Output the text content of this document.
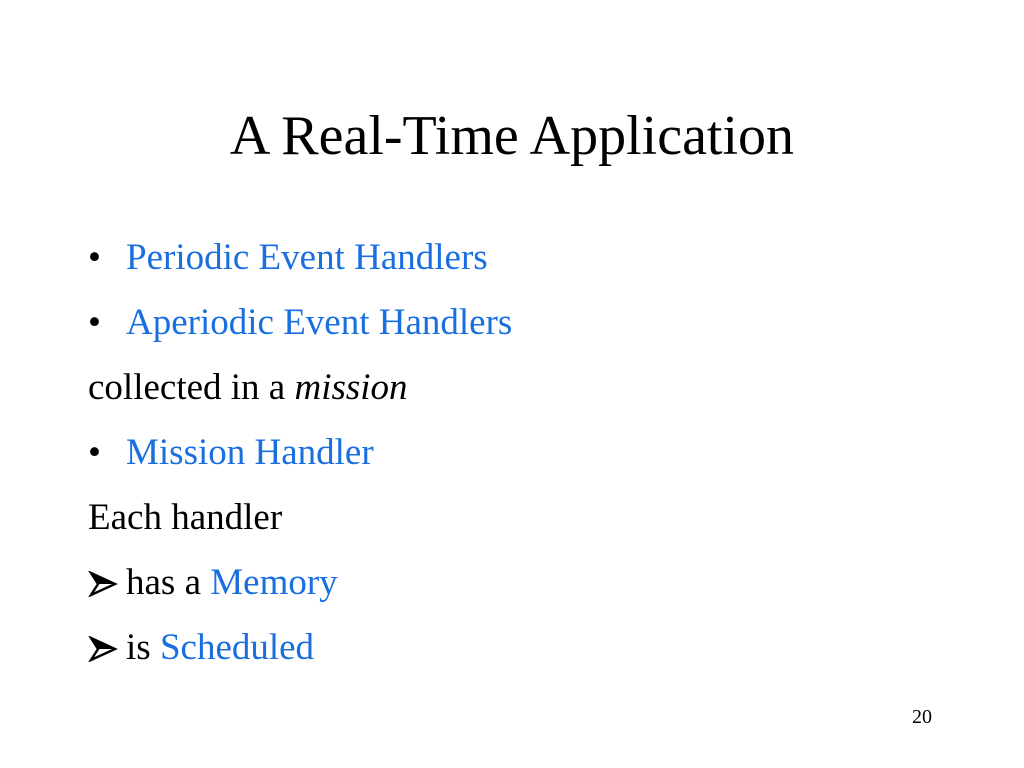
A Real-Time Application
• Periodic Event Handlers
• Aperiodic Event Handlers
collected in a mission
• Mission Handler
Each handler
has a Memory
is Scheduled
20
